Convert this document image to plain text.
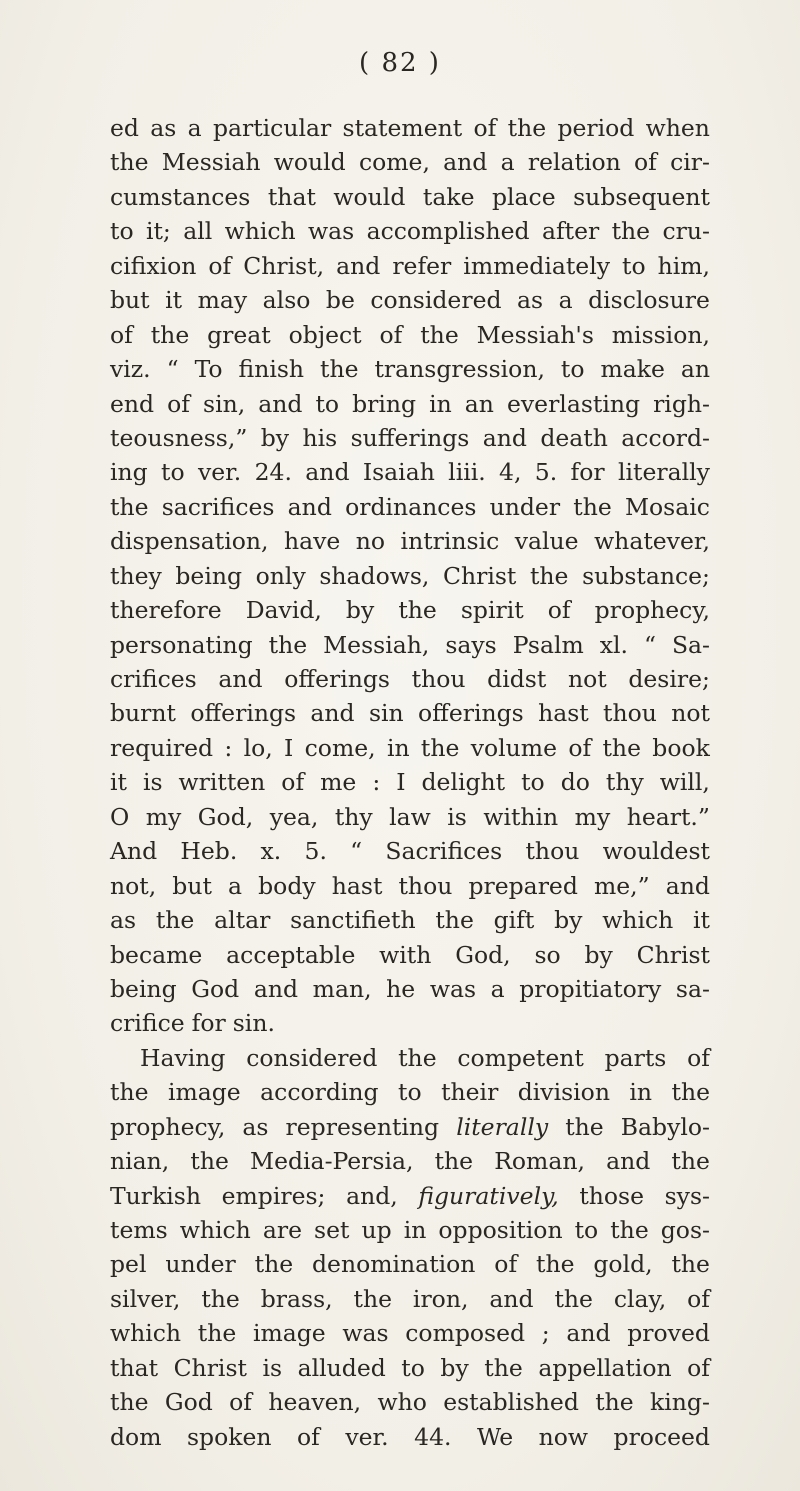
( 82 )
ed as a particular statement of the period when
the Messiah would come, and a relation of cir-
cumstances that would take place subsequent
to it; all which was accomplished after the cru-
cifixion of Christ, and refer immediately to him,
but it may also be considered as a disclosure
of the great object of the Messiah's mission,
viz. “ To finish the transgression, to make an
end of sin, and to bring in an everlasting righ-
teousness,” by his sufferings and death accord-
ing to ver. 24. and Isaiah liii. 4, 5. for literally
the sacrifices and ordinances under the Mosaic
dispensation, have no intrinsic value whatever,
they being only shadows, Christ the substance;
therefore David, by the spirit of prophecy,
personating the Messiah, says Psalm xl. “ Sa-
crifices and offerings thou didst not desire;
burnt offerings and sin offerings hast thou not
required : lo, I come, in the volume of the book
it is written of me : I delight to do thy will,
O my God, yea, thy law is within my heart.”
And Heb. x. 5. “ Sacrifices thou wouldest
not, but a body hast thou prepared me,” and
as the altar sanctifieth the gift by which it
became acceptable with God, so by Christ
being God and man, he was a propitiatory sa-
crifice for sin.
Having considered the competent parts of
the image according to their division in the
prophecy, as representing literally the Babylo-
nian, the Media-Persia, the Roman, and the
Turkish empires; and, figuratively, those sys-
tems which are set up in opposition to the gos-
pel under the denomination of the gold, the
silver, the brass, the iron, and the clay, of
which the image was composed ; and proved
that Christ is alluded to by the appellation of
the God of heaven, who established the king-
dom spoken of ver. 44. We now proceed
